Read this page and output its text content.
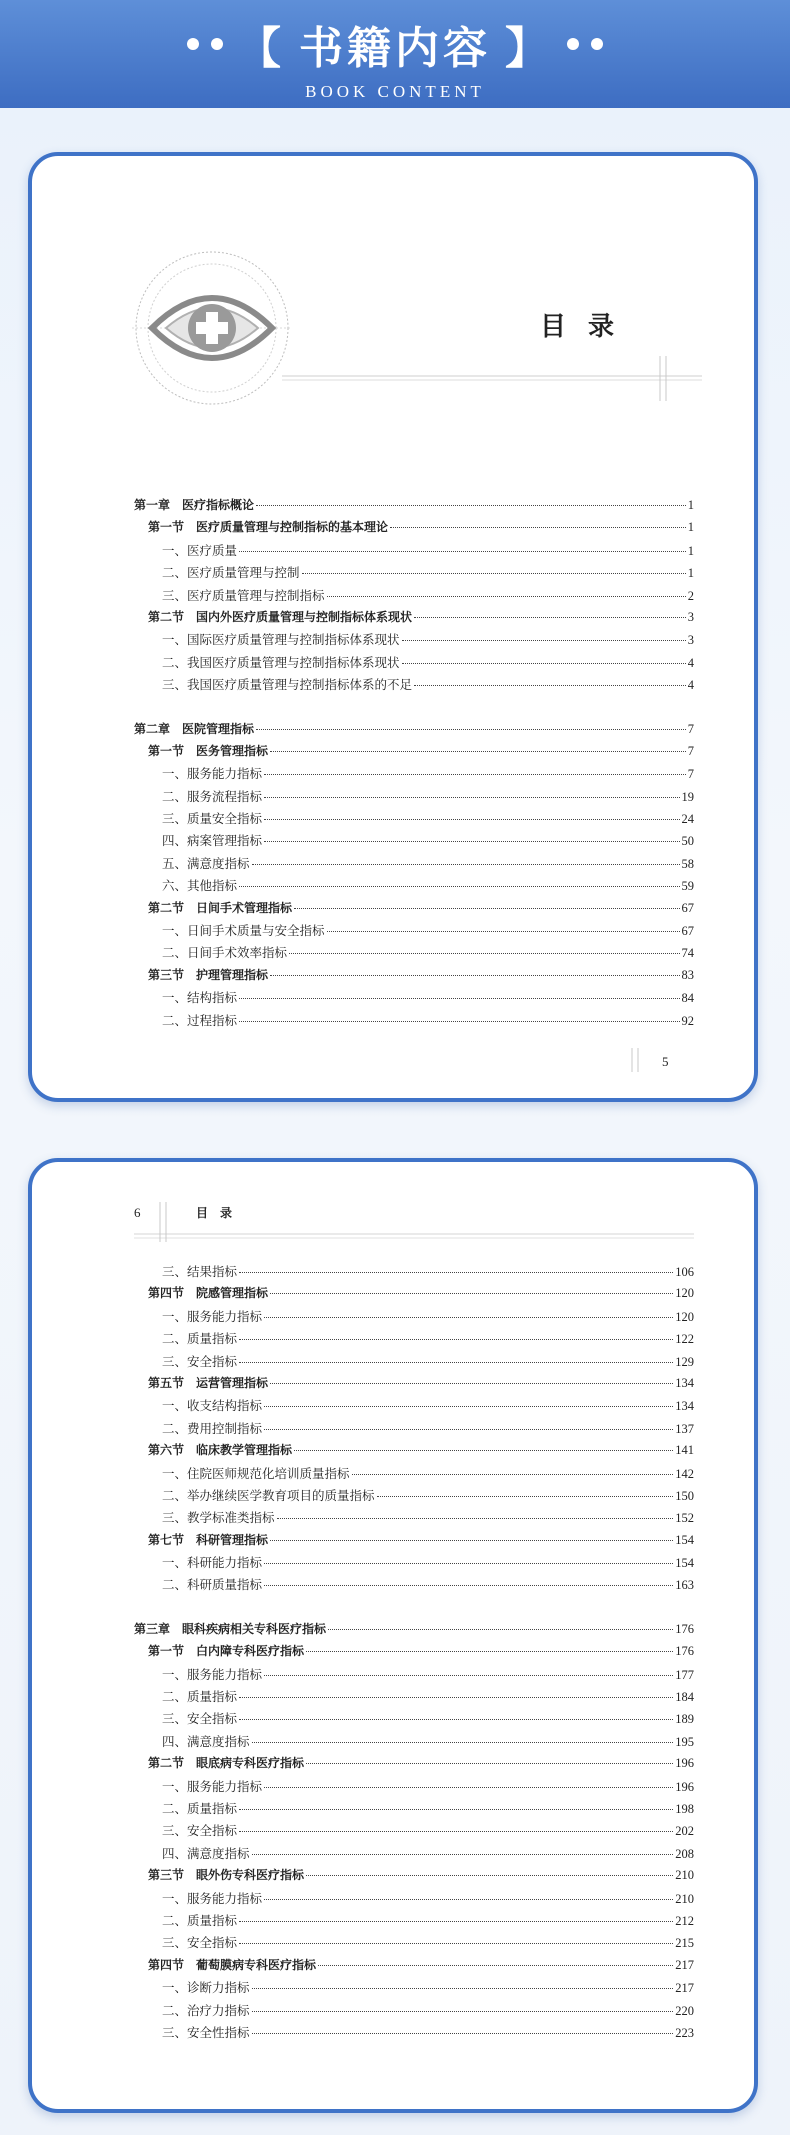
【 书籍内容 】
BOOK CONTENT
目录
第一章　医疗指标概论	1
第一节　医疗质量管理与控制指标的基本理论	1
一、医疗质量	1
二、医疗质量管理与控制	1
三、医疗质量管理与控制指标	2
第二节　国内外医疗质量管理与控制指标体系现状	3
一、国际医疗质量管理与控制指标体系现状	3
二、我国医疗质量管理与控制指标体系现状	4
三、我国医疗质量管理与控制指标体系的不足	4
第二章　医院管理指标	7
第一节　医务管理指标	7
一、服务能力指标	7
二、服务流程指标	19
三、质量安全指标	24
四、病案管理指标	50
五、满意度指标	58
六、其他指标	59
第二节　日间手术管理指标	67
一、日间手术质量与安全指标	67
二、日间手术效率指标	74
第三节　护理管理指标	83
一、结构指标	84
二、过程指标	92
5
6	目录
三、结果指标	106
第四节　院感管理指标	120
一、服务能力指标	120
二、质量指标	122
三、安全指标	129
第五节　运营管理指标	134
一、收支结构指标	134
二、费用控制指标	137
第六节　临床教学管理指标	141
一、住院医师规范化培训质量指标	142
二、举办继续医学教育项目的质量指标	150
三、教学标准类指标	152
第七节　科研管理指标	154
一、科研能力指标	154
二、科研质量指标	163
第三章　眼科疾病相关专科医疗指标	176
第一节　白内障专科医疗指标	176
一、服务能力指标	177
二、质量指标	184
三、安全指标	189
四、满意度指标	195
第二节　眼底病专科医疗指标	196
一、服务能力指标	196
二、质量指标	198
三、安全指标	202
四、满意度指标	208
第三节　眼外伤专科医疗指标	210
一、服务能力指标	210
二、质量指标	212
三、安全指标	215
第四节　葡萄膜病专科医疗指标	217
一、诊断力指标	217
二、治疗力指标	220
三、安全性指标	223
